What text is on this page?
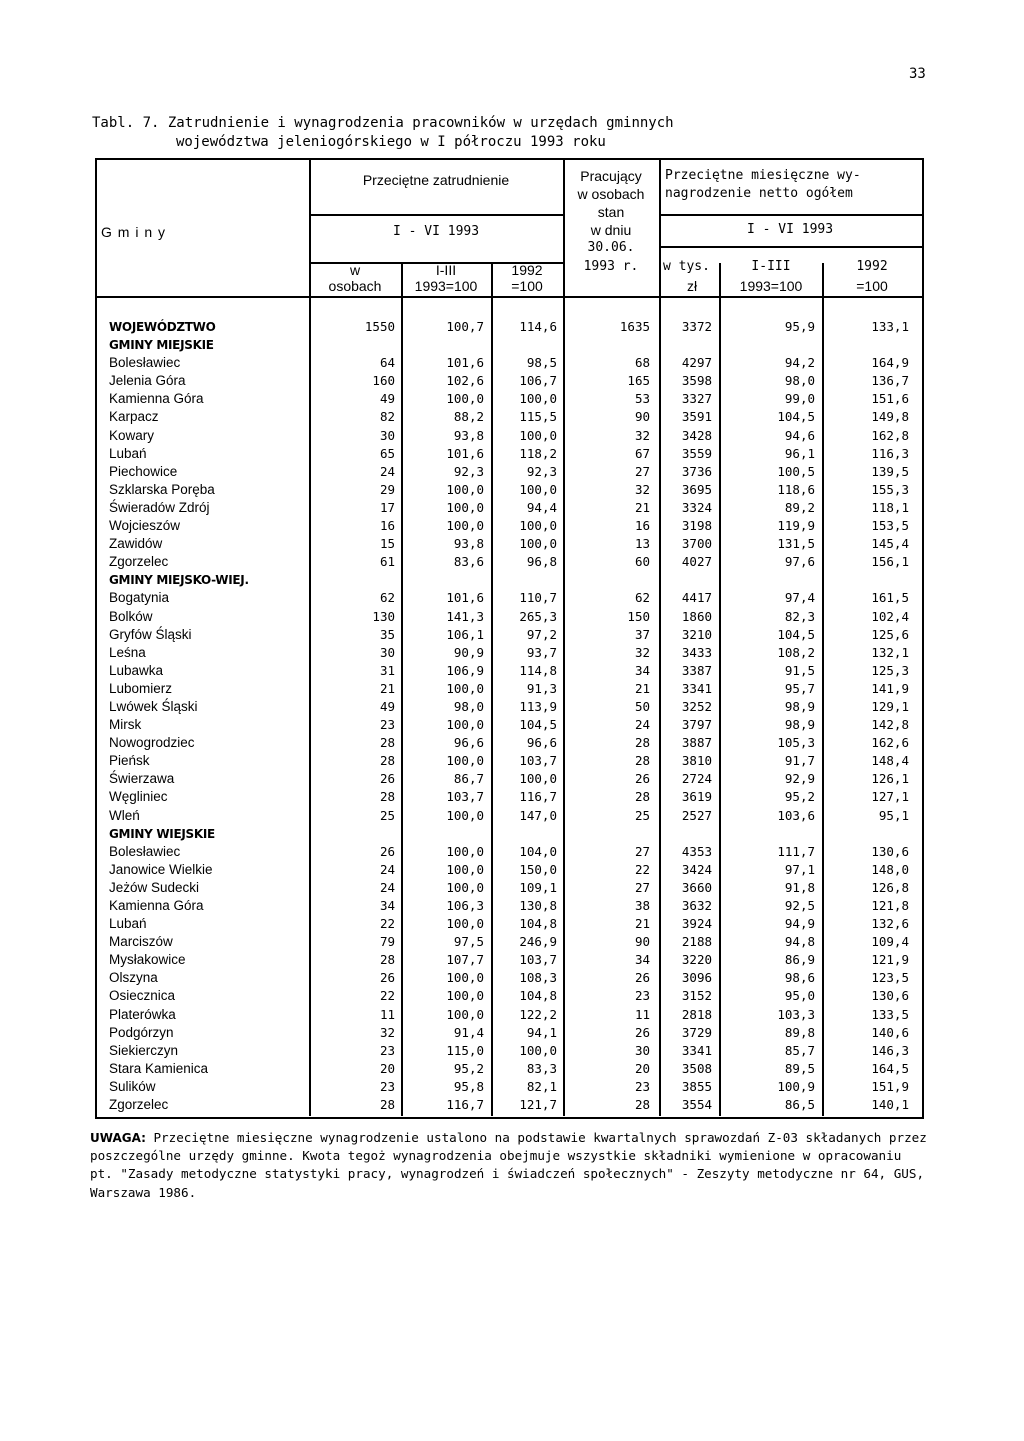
33
Tabl. 7. Zatrudnienie i wynagrodzenia pracowników w urzędach gminnych
województwa jeleniogórskiego w I półroczu 1993 roku
G m i n y
Przeciętne zatrudnienie
I - VI 1993
w
osobach
I-III
1993=100
1992
=100
Pracujący
w osobach
stan
w dniu
30.06.
1993 r.
Przeciętne miesięczne wy-
nagrodzenie netto ogółem
I - VI 1993
w tys.
zł
I-III
1993=100
1992
=100
WOJEWÓDZTWO	1550	100,7	114,6	1635	3372	95,9	133,1
GMINY MIEJSKIE
Bolesławiec	64	101,6	98,5	68	4297	94,2	164,9
Jelenia Góra	160	102,6	106,7	165	3598	98,0	136,7
Kamienna Góra	49	100,0	100,0	53	3327	99,0	151,6
Karpacz	82	88,2	115,5	90	3591	104,5	149,8
Kowary	30	93,8	100,0	32	3428	94,6	162,8
Lubań	65	101,6	118,2	67	3559	96,1	116,3
Piechowice	24	92,3	92,3	27	3736	100,5	139,5
Szklarska Poręba	29	100,0	100,0	32	3695	118,6	155,3
Świeradów Zdrój	17	100,0	94,4	21	3324	89,2	118,1
Wojcieszów	16	100,0	100,0	16	3198	119,9	153,5
Zawidów	15	93,8	100,0	13	3700	131,5	145,4
Zgorzelec	61	83,6	96,8	60	4027	97,6	156,1
GMINY MIEJSKO-WIEJ.
Bogatynia	62	101,6	110,7	62	4417	97,4	161,5
Bolków	130	141,3	265,3	150	1860	82,3	102,4
Gryfów Śląski	35	106,1	97,2	37	3210	104,5	125,6
Leśna	30	90,9	93,7	32	3433	108,2	132,1
Lubawka	31	106,9	114,8	34	3387	91,5	125,3
Lubomierz	21	100,0	91,3	21	3341	95,7	141,9
Lwówek Śląski	49	98,0	113,9	50	3252	98,9	129,1
Mirsk	23	100,0	104,5	24	3797	98,9	142,8
Nowogrodziec	28	96,6	96,6	28	3887	105,3	162,6
Pieńsk	28	100,0	103,7	28	3810	91,7	148,4
Świerzawa	26	86,7	100,0	26	2724	92,9	126,1
Węgliniec	28	103,7	116,7	28	3619	95,2	127,1
Wleń	25	100,0	147,0	25	2527	103,6	95,1
GMINY WIEJSKIE
Bolesławiec	26	100,0	104,0	27	4353	111,7	130,6
Janowice Wielkie	24	100,0	150,0	22	3424	97,1	148,0
Jeżów Sudecki	24	100,0	109,1	27	3660	91,8	126,8
Kamienna Góra	34	106,3	130,8	38	3632	92,5	121,8
Lubań	22	100,0	104,8	21	3924	94,9	132,6
Marciszów	79	97,5	246,9	90	2188	94,8	109,4
Mysłakowice	28	107,7	103,7	34	3220	86,9	121,9
Olszyna	26	100,0	108,3	26	3096	98,6	123,5
Osiecznica	22	100,0	104,8	23	3152	95,0	130,6
Platerówka	11	100,0	122,2	11	2818	103,3	133,5
Podgórzyn	32	91,4	94,1	26	3729	89,8	140,6
Siekierczyn	23	115,0	100,0	30	3341	85,7	146,3
Stara Kamienica	20	95,2	83,3	20	3508	89,5	164,5
Sulików	23	95,8	82,1	23	3855	100,9	151,9
Zgorzelec	28	116,7	121,7	28	3554	86,5	140,1
UWAGA: Przeciętne miesięczne wynagrodzenie ustalono na podstawie kwartalnych sprawozdań Z-03 składanych przez poszczególne urzędy gminne. Kwota tegoż wynagrodzenia obejmuje wszystkie składniki wymienione w opracowaniu pt. "Zasady metodyczne statystyki pracy, wynagrodzeń i świadczeń społecznych" - Zeszyty metodyczne nr 64, GUS, Warszawa 1986.
